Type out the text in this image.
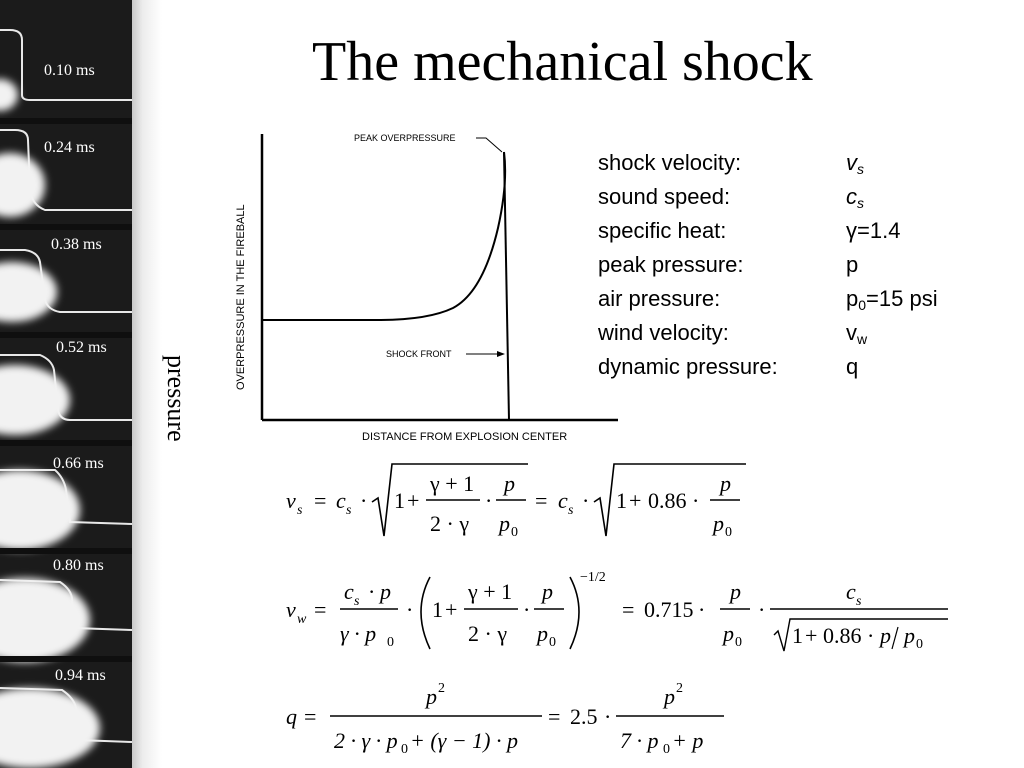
0.10 ms
0.24 ms
0.38 ms
0.52 ms
0.66 ms
0.80 ms
0.94 ms
pressure
The mechanical shock
PEAK OVERPRESSURE
SHOCK FRONT
DISTANCE FROM EXPLOSION CENTER
OVERPRESSURE IN THE FIREBALL
shock velocity:	$v_s$
sound speed:	$c_s$
specific heat:	γ=1.4
peak pressure:	p
air pressure:	$p_0=15$ psi
wind velocity:	$v_w$
dynamic pressure:	q
v s = c s · 1 +
γ + 1
2 · γ
·
p
p 0
= c s · 1 + 0.86 ·
p
p 0
v w =
c s · p
γ · p 0
· 1 +
γ + 1
2 · γ
·
p
p 0
−1/2
= 0.715 ·
p
p 0
·
c s
1 + 0.86 · p p 0
q =
p 2
2 · γ · p 0 + (γ − 1) · p
= 2.5 ·
p 2
7 · p 0 + p
